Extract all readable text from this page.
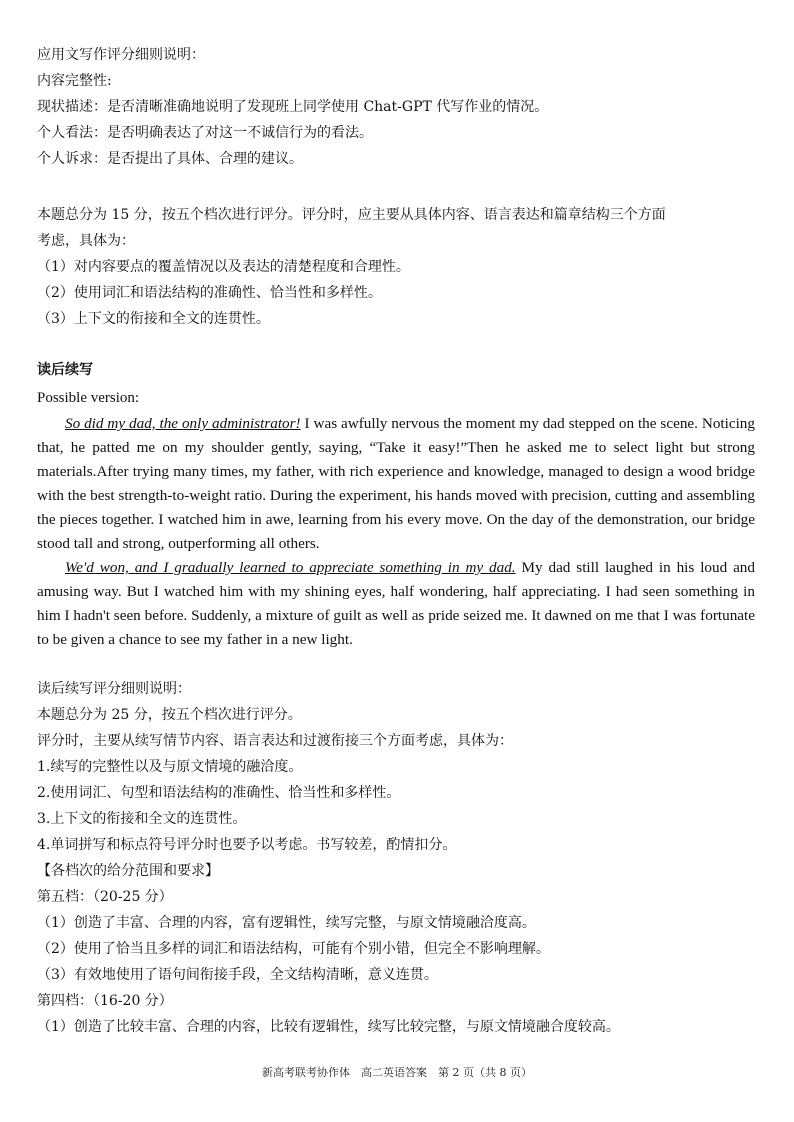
应用文写作评分细则说明：
内容完整性:
现状描述：是否清晰准确地说明了发现班上同学使用 Chat-GPT 代写作业的情况。
个人看法：是否明确表达了对这一不诚信行为的看法。
个人诉求：是否提出了具体、合理的建议。
本题总分为 15 分，按五个档次进行评分。评分时，应主要从具体内容、语言表达和篇章结构三个方面
考虑，具体为：
（1）对内容要点的覆盖情况以及表达的清楚程度和合理性。
（2）使用词汇和语法结构的准确性、恰当性和多样性。
（3）上下文的衔接和全文的连贯性。
读后续写
Possible version:
So did my dad, the only administrator! I was awfully nervous the moment my dad stepped on the scene. Noticing that, he patted me on my shoulder gently, saying, “Take it easy!”Then he asked me to select light but strong materials.After trying many times, my father, with rich experience and knowledge, managed to design a wood bridge with the best strength-to-weight ratio. During the experiment, his hands moved with precision, cutting and assembling the pieces together. I watched him in awe, learning from his every move. On the day of the demonstration, our bridge stood tall and strong, outperforming all others.
We'd won, and I gradually learned to appreciate something in my dad. My dad still laughed in his loud and amusing way. But I watched him with my shining eyes, half wondering, half appreciating. I had seen something in him I hadn't seen before. Suddenly, a mixture of guilt as well as pride seized me. It dawned on me that I was fortunate to be given a chance to see my father in a new light.
读后续写评分细则说明：
本题总分为 25 分，按五个档次进行评分。
评分时，主要从续写情节内容、语言表达和过渡衔接三个方面考虑，具体为：
1.续写的完整性以及与原文情境的融洽度。
2.使用词汇、句型和语法结构的准确性、恰当性和多样性。
3.上下文的衔接和全文的连贯性。
4.单词拼写和标点符号评分时也要予以考虑。书写较差，酌情扣分。
【各档次的给分范围和要求】
第五档：（20-25 分）
（1）创造了丰富、合理的内容，富有逻辑性，续写完整，与原文情境融洽度高。
（2）使用了恰当且多样的词汇和语法结构，可能有个别小错，但完全不影响理解。
（3）有效地使用了语句间衔接手段，全文结构清晰，意义连贯。
第四档：（16-20 分）
（1）创造了比较丰富、合理的内容，比较有逻辑性，续写比较完整，与原文情境融合度较高。
新高考联考协作体　高二英语答案　第 2 页（共 8 页）
